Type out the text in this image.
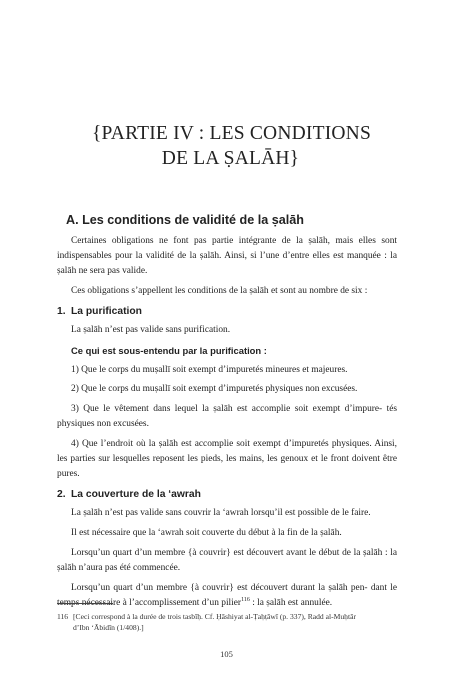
{PARTIE IV : LES CONDITIONS
DE LA ṢALĀH}
A. Les conditions de validité de la ṣalāh

Certaines obligations ne font pas partie intégrante de la ṣalāh, mais elles sont indispensables pour la validité de la ṣalāh. Ainsi, si l’une d’entre elles est manquée : la ṣalāh ne sera pas valide.

Ces obligations s’appellent les conditions de la ṣalāh et sont au nombre de six :

1. La purification

La ṣalāh n’est pas valide sans purification.

Ce qui est sous-entendu par la purification :

1) Que le corps du muṣallī soit exempt d’impuretés mineures et majeures.

2) Que le corps du muṣallī soit exempt d’impuretés physiques non excusées.

3) Que le vêtement dans lequel la ṣalāh est accomplie soit exempt d’impure- tés physiques non excusées.

4) Que l’endroit où la ṣalāh est accomplie soit exempt d’impuretés physiques. Ainsi, les parties sur lesquelles reposent les pieds, les mains, les genoux et le front doivent être pures.

2. La couverture de la ‘awrah

La ṣalāh n’est pas valide sans couvrir la ‘awrah lorsqu’il est possible de le faire.

Il est nécessaire que la ‘awrah soit couverte du début à la fin de la ṣalāh.

Lorsqu’un quart d’un membre {à couvrir} est découvert avant le début de la ṣalāh : la ṣalāh n’aura pas été commencée.

Lorsqu’un quart d’un membre {à couvrir} est découvert durant la ṣalāh pen- dant le temps nécessaire à l’accomplissement d’un pilier$^{116}$ : la ṣalāh est annulée.

116 [Ceci correspond à la durée de trois tasbīḥ. Cf. Ḥāshiyat al-Ṭaḥṭāwī (p. 337), Radd al-Muḥtār
d’Ibn ‘Ābidīn (1/408).]
105
